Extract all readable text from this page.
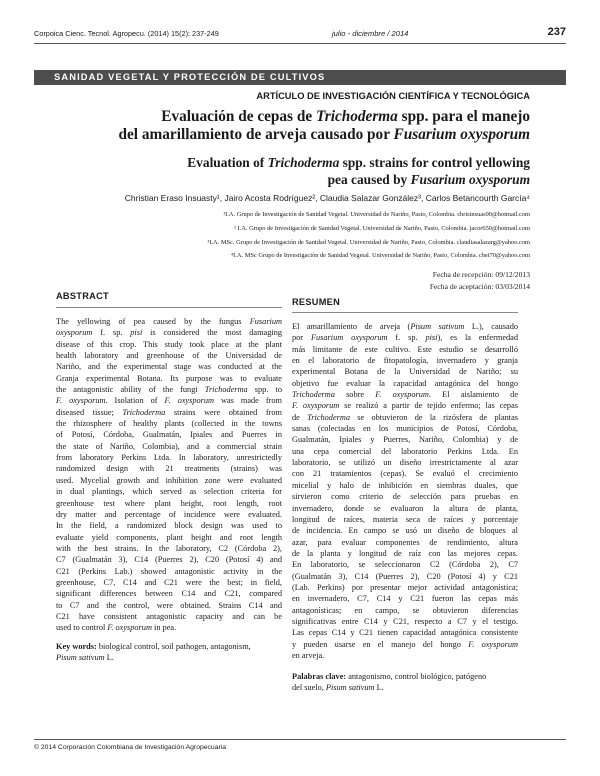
Corpoica Cienc. Tecnol. Agropecu. (2014) 15(2): 237-249	julio - diciembre / 2014	237
SANIDAD VEGETAL Y PROTECCIÓN DE CULTIVOS
ARTÍCULO DE INVESTIGACIÓN CIENTÍFICA Y TECNOLÓGICA
Evaluación de cepas de Trichoderma spp. para el manejo
del amarillamiento de arveja causado por Fusarium oxysporum
Evaluation of Trichoderma spp. strains for control yellowing
pea caused by Fusarium oxysporum
Christian Eraso Insuasty¹, Jairo Acosta Rodríguez², Claudia Salazar González³, Carlos Betancourth García⁴
¹I.A. Grupo de Investigación de Sanidad Vegetal. Universidad de Nariño, Pasto, Colombia. chrisinsuas90@hotmail.com
² I.A. Grupo de Investigación de Sanidad Vegetal. Universidad de Nariño, Pasto, Colombia. jacor650@hotmail.com
³I.A. MSc. Grupo de Investigación de Sanidad Vegetal. Universidad de Nariño, Pasto, Colombia. claudiasalazarg@yahoo.com
⁴I.A. MSc Grupo de Investigación de Sanidad Vegetal. Universidad de Nariño, Pasto, Colombia. cbet70@yahoo.com
Fecha de recepción: 09/12/2013
Fecha de aceptación: 03/03/2014
ABSTRACT
The yellowing of pea caused by the fungus Fusarium
oxysporum f. sp. pisi is considered the most damaging
disease of this crop. This study took place at the plant
health laboratory and greenhouse of the Universidad de
Nariño, and the experimental stage was conducted at the
Granja experimental Botana. Its purpose was to evaluate
the antagonistic ability of the fungi Trichoderma spp. to
F. oxysporum. Isolation of F. oxysporum was made from
diseased tissue; Trichoderma strains were obtained from
the rhizosphere of healthy plants (collected in the towns
of Potosí, Córdoba, Gualmatán, Ipiales and Puerres in
the state of Nariño, Colombia), and a commercial strain
from laboratory Perkins Ltda. In laboratory, unrestrictedly
randomized design with 21 treatments (strains) was
used. Mycelial growth and inhibition zone were evaluated
in dual plantings, which served as selection criteria for
greenhouse test where plant height, root length, root
dry matter and percentage of incidence were evaluated.
In the field, a randomized block design was used to
evaluate yield components, plant height and root length
with the best strains. In the laboratory, C2 (Córdoba 2),
C7 (Gualmatán 3), C14 (Puerres 2), C20 (Potosí 4) and
C21 (Perkins Lab.) showed antagonistic activity in the
greenhouse, C7, C14 and C21 were the best; in field,
significant differences between C14 and C21, compared
to C7 and the control, were obtained. Strains C14 and
C21 have consistent antagonistic capacity and can be
used to control F. oxysporum in pea.
Key words: biological control, soil pathogen, antagonism,
Pisum sativum L.
RESUMEN
El amarillamiento de arveja (Pisum sativum L.), causado
por Fusarium oxysporum f. sp. pisi), es la enfermedad
más limitante de este cultivo. Este estudio se desarrolló
en el laboratorio de fitopatología, invernadero y granja
experimental Botana de la Universidad de Nariño; su
objetivo fue evaluar la capacidad antagónica del hongo
Trichoderma sobre F. oxysporum. El aislamiento de
F. oxysporum se realizó a partir de tejido enfermo; las cepas
de Trichoderma se obtuvieron de la rizósfera de plantas
sanas (colectadas en los municipios de Potosí, Córdoba,
Gualmatán, Ipiales y Puerres, Nariño, Colombia) y de
una cepa comercial del laboratorio Perkins Ltda. En
laboratorio, se utilizó un diseño irrestrictamente al azar
con 21 tratamientos (cepas). Se evaluó el crecimiento
micelial y halo de inhibición en siembras duales, que
sirvieron como criterio de selección para pruebas en
invernadero, donde se evaluaron la altura de planta,
longitud de raíces, materia seca de raíces y porcentaje
de incidencia. En campo se usó un diseño de bloques al
azar, para evaluar componentes de rendimiento, altura
de la planta y longitud de raíz con las mejores cepas.
En laboratorio, se seleccionaron C2 (Córdoba 2), C7
(Gualmatán 3), C14 (Puerres 2), C20 (Potosí 4) y C21
(Lab. Perkins) por presentar mejor actividad antagonística;
en invernadero, C7, C14 y C21 fueron las cepas más
antagonísticas; en campo, se obtuvieron diferencias
significativas entre C14 y C21, respecto a C7 y el testigo.
Las cepas C14 y C21 tienen capacidad antagónica consistente
y pueden usarse en el manejo del hongo F. oxysporum
en arveja.
Palabras clave: antagonismo, control biológico, patógeno
del suelo, Pisum sativum L.
© 2014 Corporación Colombiana de Investigación Agropecuaria
